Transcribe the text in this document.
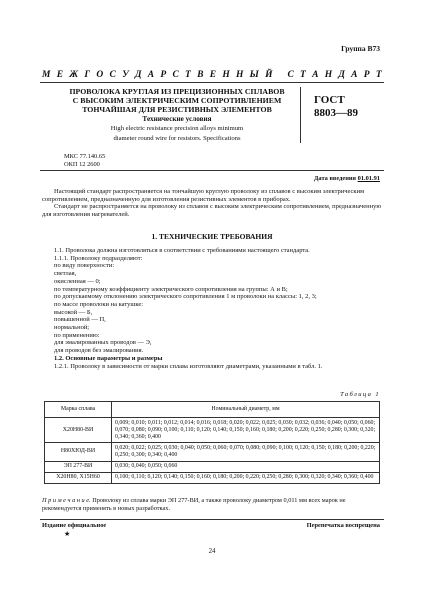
Группа В73
М Е Ж Г О С У Д А Р С Т В Е Н Н Ы Й
С Т А Н Д А Р Т
ПРОВОЛОКА КРУГЛАЯ ИЗ ПРЕЦИЗИОННЫХ СПЛАВОВ
С ВЫСОКИМ ЭЛЕКТРИЧЕСКИМ СОПРОТИВЛЕНИЕМ
ТОНЧАЙШАЯ ДЛЯ РЕЗИСТИВНЫХ ЭЛЕМЕНТОВ
Технические условия
High electric resistance precision alloys minimum
diameter round wire for resistors. Specifications
ГОСТ
8803—89
МКС 77.140.65
ОКП 12 2600
Дата введения 01.01.91

Настоящий стандарт распространяется на тончайшую круглую проволоку из сплавов с высоким электрическим сопротивлением, предназначенную для изготовления резистивных элементов в приборах.

Стандарт не распространяется на проволоку из сплавов с высоким электрическим сопротивлением, предназначенную для изготовления нагревателей.

1. ТЕХНИЧЕСКИЕ ТРЕБОВАНИЯ

1.1. Проволока должна изготовляться в соответствии с требованиями настоящего стандарта.

1.1.1. Проволоку подразделяют:

по виду поверхности:

светлая,

окисленная — 0;

по температурному коэффициенту электрического сопротивления на группы: А и В;

по допускаемому отклонению электрического сопротивления 1 м проволоки на классы: 1, 2, 3;

по массе проволоки на катушке:

высокой — Б,

повышенной — П,

нормальной;

по применению:

для эмалированных проводов — Э,

для проводов без эмалирования.

1.2. Основные параметры и размеры

1.2.1. Проволоку в зависимости от марки сплава изготовляют диаметрами, указанными в табл. 1.

Таблица 1
Марка сплава	Номинальный диаметр, мм
Х20Н80-ВИ	0,009; 0,010; 0,011; 0,012; 0,014; 0,016; 0,018; 0,020; 0,022; 0,025; 0,030; 0,032; 0,036; 0,040; 0,050; 0,060; 0,070; 0,080; 0,090; 0,100; 0,110; 0,120; 0,140; 0,150; 0,160; 0,180; 0,200; 0,220; 0,250; 0,280; 0,300; 0,320; 0,340; 0,360; 0,400
Н80ХЮД-ВИ	0,020; 0,022; 0,025; 0,030; 0,040; 0,050; 0,060; 0,070; 0,080; 0,090; 0,100; 0,120; 0,150; 0,180; 0,200; 0,220; 0,250; 0,300; 0,340; 0,400
ЭП 277-ВИ	0,030; 0,040; 0,050; 0,060
Х20Н80, Х15Н60	0,100; 0,110; 0,120; 0,140; 0,150; 0,160; 0,180; 0,200; 0,220; 0,250; 0,280; 0,300; 0,320; 0,340; 0,360; 0,400
П р и м е ч а н и е. Проволоку из сплава марки ЭП 277-ВИ, а также проволоку диаметром 0,011 мм всех марок не рекомендуется применять в новых разработках.
Издание официальное	Перепечатка воспрещена
★
24
